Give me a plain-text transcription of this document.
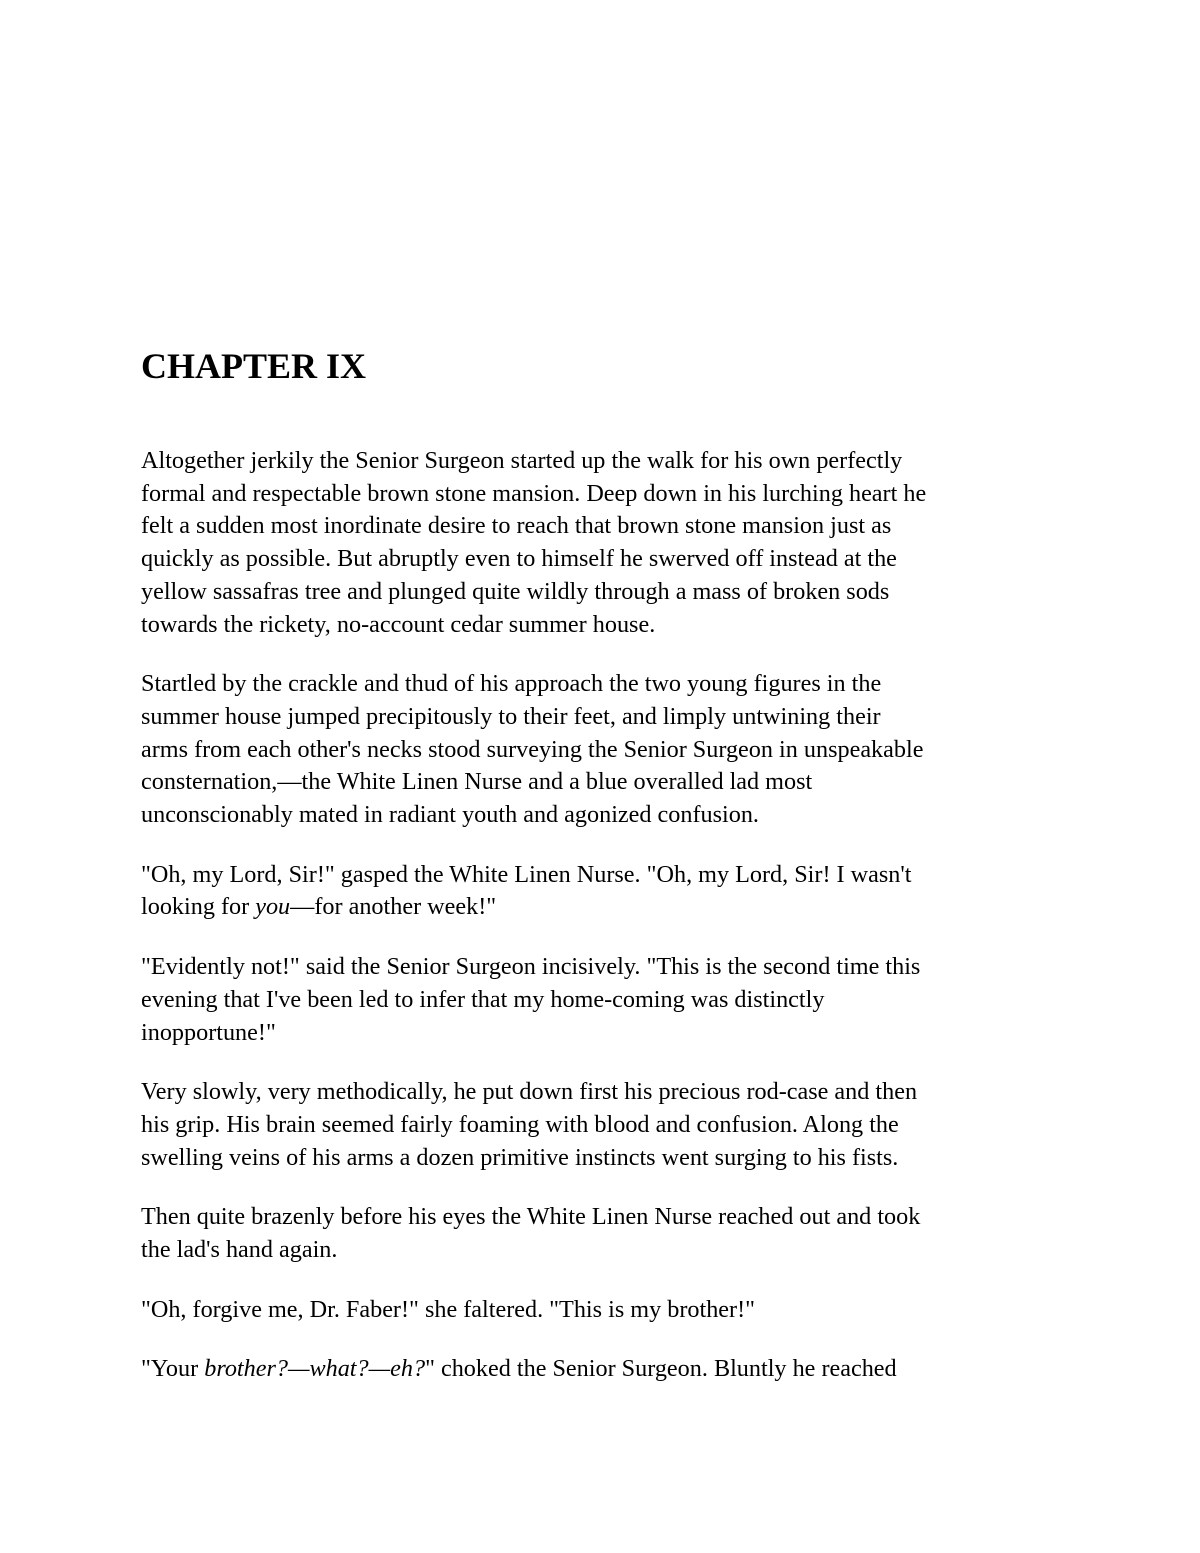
CHAPTER IX

Altogether jerkily the Senior Surgeon started up the walk for his own perfectly
formal and respectable brown stone mansion. Deep down in his lurching heart he
felt a sudden most inordinate desire to reach that brown stone mansion just as
quickly as possible. But abruptly even to himself he swerved off instead at the
yellow sassafras tree and plunged quite wildly through a mass of broken sods
towards the rickety, no-account cedar summer house.

Startled by the crackle and thud of his approach the two young figures in the
summer house jumped precipitously to their feet, and limply untwining their
arms from each other's necks stood surveying the Senior Surgeon in unspeakable
consternation,—the White Linen Nurse and a blue overalled lad most
unconscionably mated in radiant youth and agonized confusion.

"Oh, my Lord, Sir!" gasped the White Linen Nurse. "Oh, my Lord, Sir! I wasn't
looking for you—for another week!"

"Evidently not!" said the Senior Surgeon incisively. "This is the second time this
evening that I've been led to infer that my home-coming was distinctly
inopportune!"

Very slowly, very methodically, he put down first his precious rod-case and then
his grip. His brain seemed fairly foaming with blood and confusion. Along the
swelling veins of his arms a dozen primitive instincts went surging to his fists.

Then quite brazenly before his eyes the White Linen Nurse reached out and took
the lad's hand again.

"Oh, forgive me, Dr. Faber!" she faltered. "This is my brother!"

"Your brother?—what?—eh?" choked the Senior Surgeon. Bluntly he reached
